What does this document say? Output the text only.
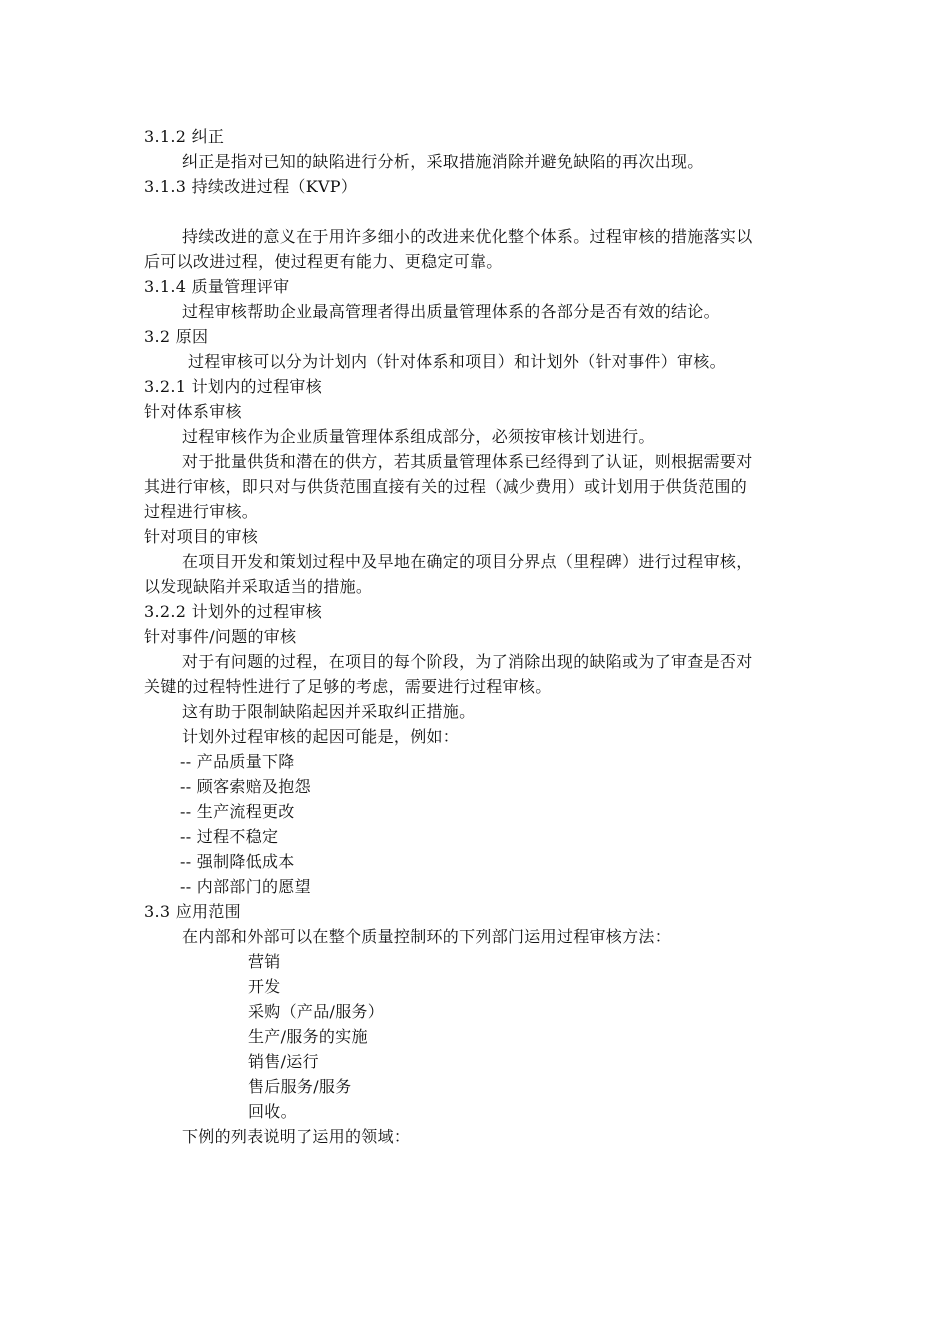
3.1.2 纠正
纠正是指对已知的缺陷进行分析，采取措施消除并避免缺陷的再次出现。
3.1.3 持续改进过程（KVP）
持续改进的意义在于用许多细小的改进来优化整个体系。过程审核的措施落实以
后可以改进过程，使过程更有能力、更稳定可靠。
3.1.4 质量管理评审
过程审核帮助企业最高管理者得出质量管理体系的各部分是否有效的结论。
3.2 原因
过程审核可以分为计划内（针对体系和项目）和计划外（针对事件）审核。
3.2.1 计划内的过程审核
针对体系审核
过程审核作为企业质量管理体系组成部分，必须按审核计划进行。
对于批量供货和潜在的供方，若其质量管理体系已经得到了认证，则根据需要对
其进行审核，即只对与供货范围直接有关的过程（减少费用）或计划用于供货范围的
过程进行审核。
针对项目的审核
在项目开发和策划过程中及早地在确定的项目分界点（里程碑）进行过程审核，
以发现缺陷并采取适当的措施。
3.2.2 计划外的过程审核
针对事件/问题的审核
对于有问题的过程，在项目的每个阶段，为了消除出现的缺陷或为了审查是否对
关键的过程特性进行了足够的考虑，需要进行过程审核。
这有助于限制缺陷起因并采取纠正措施。
计划外过程审核的起因可能是，例如：
-- 产品质量下降
-- 顾客索赔及抱怨
-- 生产流程更改
-- 过程不稳定
-- 强制降低成本
-- 内部部门的愿望
3.3 应用范围
在内部和外部可以在整个质量控制环的下列部门运用过程审核方法：
营销
开发
采购（产品/服务）
生产/服务的实施
销售/运行
售后服务/服务
回收。
下例的列表说明了运用的领域：
